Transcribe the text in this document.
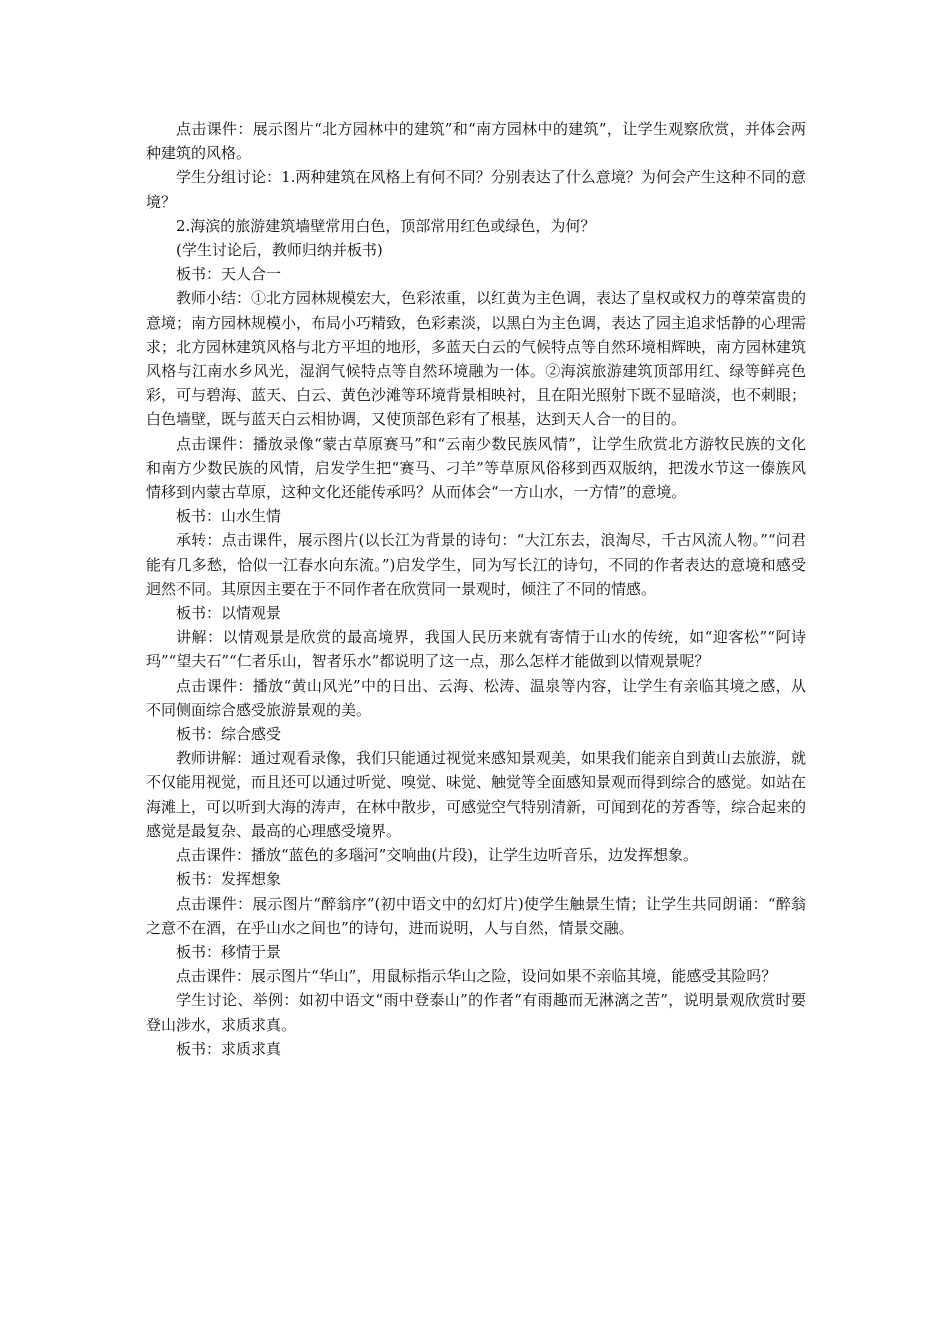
点击课件：展示图片“北方园林中的建筑”和“南方园林中的建筑”，让学生观察欣赏，并体会两种建筑的风格。

学生分组讨论：1.两种建筑在风格上有何不同？分别表达了什么意境？为何会产生这种不同的意境？

2.海滨的旅游建筑墙壁常用白色，顶部常用红色或绿色，为何？

(学生讨论后，教师归纳并板书)

板书：天人合一

教师小结：①北方园林规模宏大，色彩浓重，以红黄为主色调，表达了皇权或权力的尊荣富贵的意境；南方园林规模小，布局小巧精致，色彩素淡，以黑白为主色调，表达了园主追求恬静的心理需求；北方园林建筑风格与北方平坦的地形，多蓝天白云的气候特点等自然环境相辉映，南方园林建筑风格与江南水乡风光，湿润气候特点等自然环境融为一体。②海滨旅游建筑顶部用红、绿等鲜亮色彩，可与碧海、蓝天、白云、黄色沙滩等环境背景相映衬，且在阳光照射下既不显暗淡，也不刺眼；白色墙壁，既与蓝天白云相协调，又使顶部色彩有了根基，达到天人合一的目的。

点击课件：播放录像“蒙古草原赛马”和“云南少数民族风情”，让学生欣赏北方游牧民族的文化和南方少数民族的风情，启发学生把“赛马、刁羊”等草原风俗移到西双版纳，把泼水节这一傣族风情移到内蒙古草原，这种文化还能传承吗？从而体会“一方山水，一方情”的意境。

板书：山水生情

承转：点击课件，展示图片(以长江为背景的诗句：“大江东去，浪淘尽，千古风流人物。”“问君能有几多愁，恰似一江春水向东流。”)启发学生，同为写长江的诗句，不同的作者表达的意境和感受迥然不同。其原因主要在于不同作者在欣赏同一景观时，倾注了不同的情感。

板书：以情观景

讲解：以情观景是欣赏的最高境界，我国人民历来就有寄情于山水的传统，如“迎客松”“阿诗玛”“望夫石”“仁者乐山，智者乐水”都说明了这一点，那么怎样才能做到以情观景呢？

点击课件：播放“黄山风光”中的日出、云海、松涛、温泉等内容，让学生有亲临其境之感，从不同侧面综合感受旅游景观的美。

板书：综合感受

教师讲解：通过观看录像，我们只能通过视觉来感知景观美，如果我们能亲自到黄山去旅游，就不仅能用视觉，而且还可以通过听觉、嗅觉、味觉、触觉等全面感知景观而得到综合的感觉。如站在海滩上，可以听到大海的涛声，在林中散步，可感觉空气特别清新，可闻到花的芳香等，综合起来的感觉是最复杂、最高的心理感受境界。

点击课件：播放“蓝色的多瑙河”交响曲(片段)，让学生边听音乐，边发挥想象。

板书：发挥想象

点击课件：展示图片“醉翁序”(初中语文中的幻灯片)使学生触景生情；让学生共同朗诵：“醉翁之意不在酒，在乎山水之间也”的诗句，进而说明，人与自然，情景交融。

板书：移情于景

点击课件：展示图片“华山”，用鼠标指示华山之险，设问如果不亲临其境，能感受其险吗？

学生讨论、举例：如初中语文“雨中登泰山”的作者“有雨趣而无淋漓之苦”，说明景观欣赏时要登山涉水，求质求真。

板书：求质求真
